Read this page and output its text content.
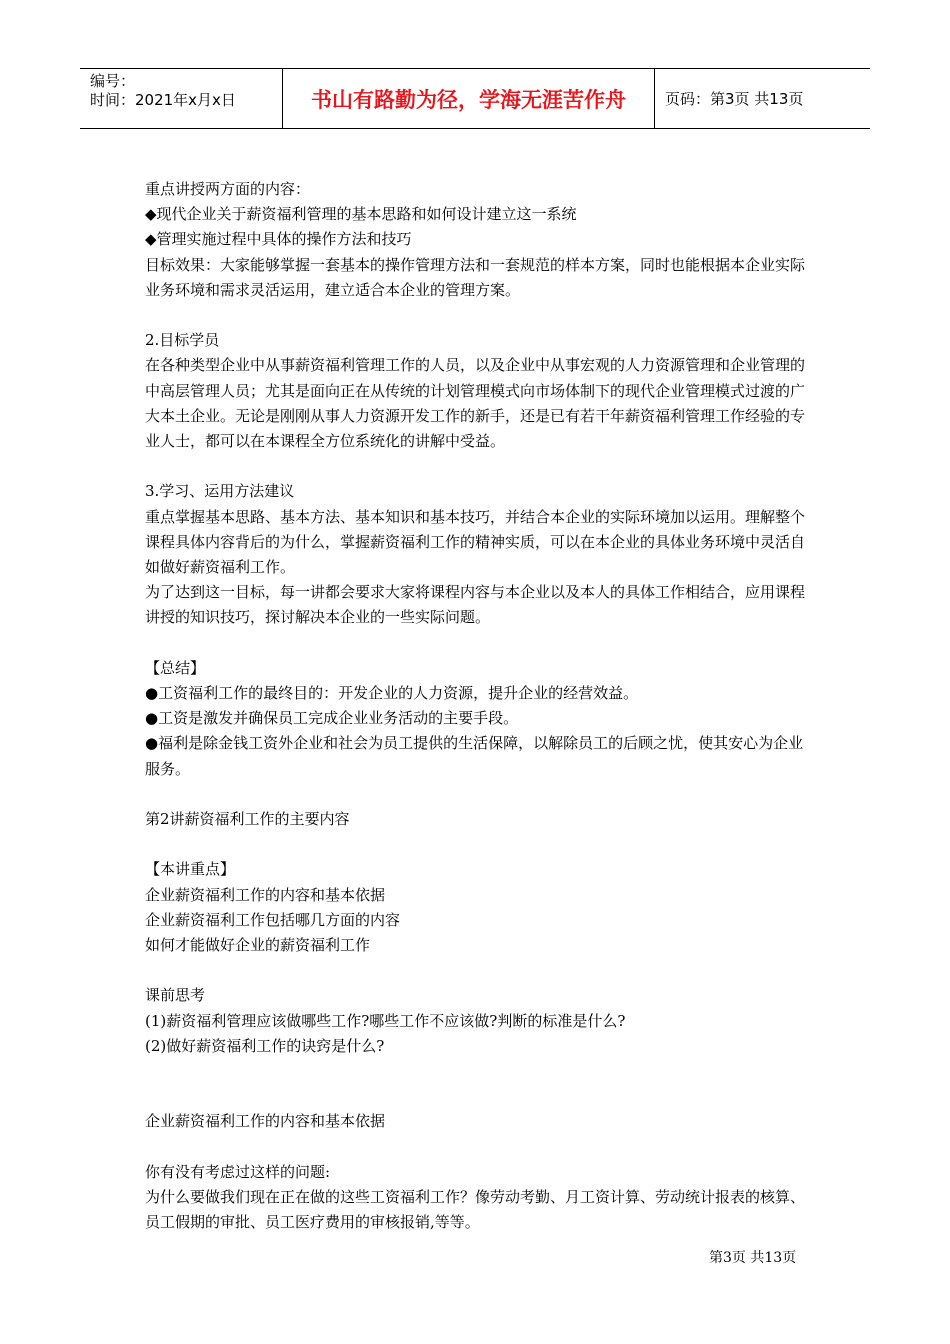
编号：
时间：2021年x月x日	书山有路勤为径，学海无涯苦作舟	页码：第3页 共13页

重点讲授两方面的内容：

◆现代企业关于薪资福利管理的基本思路和如何设计建立这一系统

◆管理实施过程中具体的操作方法和技巧

目标效果：大家能够掌握一套基本的操作管理方法和一套规范的样本方案，同时也能根据本企业实际业务环境和需求灵活运用，建立适合本企业的管理方案。

2.目标学员

在各种类型企业中从事薪资福利管理工作的人员，以及企业中从事宏观的人力资源管理和企业管理的中高层管理人员；尤其是面向正在从传统的计划管理模式向市场体制下的现代企业管理模式过渡的广大本土企业。无论是刚刚从事人力资源开发工作的新手，还是已有若干年薪资福利管理工作经验的专业人士，都可以在本课程全方位系统化的讲解中受益。

3.学习、运用方法建议

重点掌握基本思路、基本方法、基本知识和基本技巧，并结合本企业的实际环境加以运用。理解整个课程具体内容背后的为什么，掌握薪资福利工作的精神实质，可以在本企业的具体业务环境中灵活自如做好薪资福利工作。

为了达到这一目标，每一讲都会要求大家将课程内容与本企业以及本人的具体工作相结合，应用课程讲授的知识技巧，探讨解决本企业的一些实际问题。

【总结】

●工资福利工作的最终目的：开发企业的人力资源，提升企业的经营效益。

●工资是激发并确保员工完成企业业务活动的主要手段。

●福利是除金钱工资外企业和社会为员工提供的生活保障，以解除员工的后顾之忧，使其安心为企业服务。

第2讲薪资福利工作的主要内容

【本讲重点】

企业薪资福利工作的内容和基本依据

企业薪资福利工作包括哪几方面的内容

如何才能做好企业的薪资福利工作

课前思考

(1)薪资福利管理应该做哪些工作?哪些工作不应该做?判断的标准是什么?

(2)做好薪资福利工作的诀窍是什么?

企业薪资福利工作的内容和基本依据

你有没有考虑过这样的问题:

为什么要做我们现在正在做的这些工资福利工作？像劳动考勤、月工资计算、劳动统计报表的核算、员工假期的审批、员工医疗费用的审核报销,等等。

第3页 共13页
